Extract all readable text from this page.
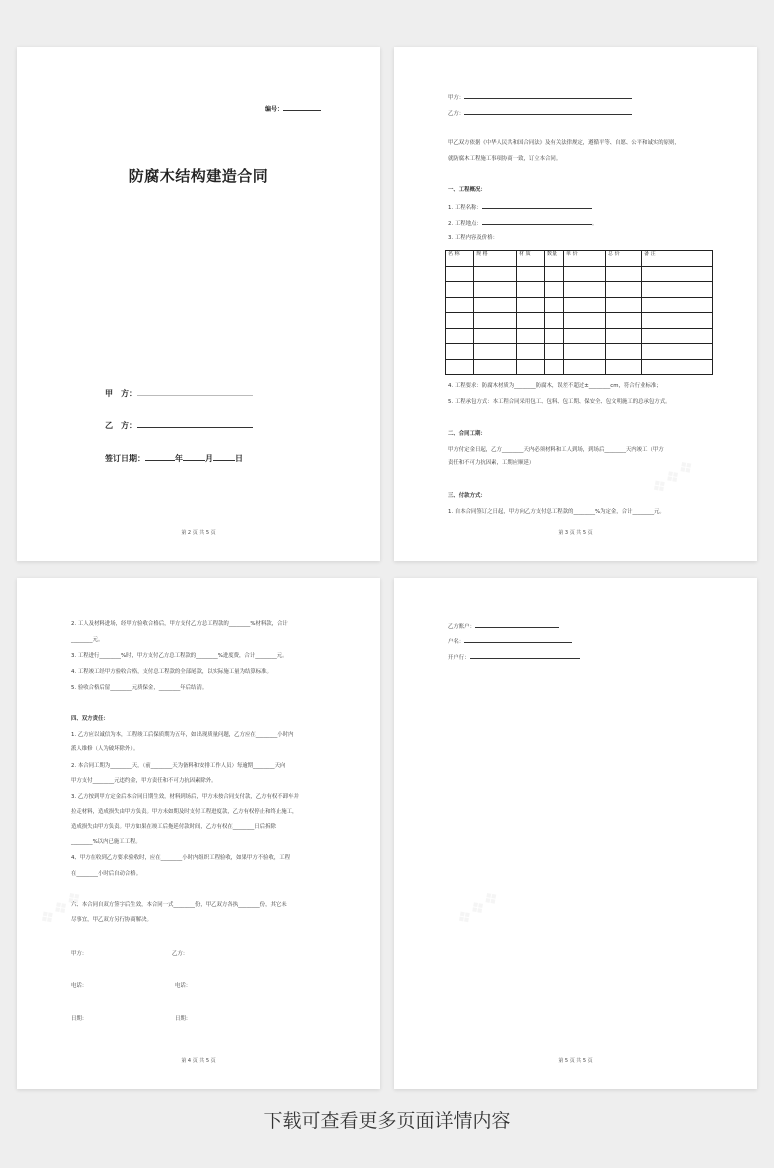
编号：
防腐木结构建造合同
甲　方：
乙　方：
签订日期：	年	月	日
第 2 页 共 5 页
甲方：
乙方：
甲乙双方依据《中华人民共和国合同法》及有关法律规定，遵循平等、自愿、公平和诚实的原则，
就防腐木工程施工事项协商一致，订立本合同。
一、工程概况：
1. 工程名称：
2. 工程地点：	。
3. 工程内容及价格：
名 称	规 格	材 质	数量	单 价	总 价	备 注

4. 工程要求：防腐木材质为________防腐木，误差不超过±________cm，符合行业标准；
5. 工程承包方式：本工程合同采用包工、包料、包工期、保安全、包文明施工的总承包方式。
二、合同工期：
甲方付定金日起，乙方________天内必须材料和工人到场，到场后________天内竣工（甲方
责任和不可力抗因素，工期应顺延）
三、付款方式：
1. 自本合同签订之日起，甲方向乙方支付总工程款的________%为定金，合计________元。
第 3 页 共 5 页
2. 工人及材料进场，经甲方验收合格后，甲方支付乙方总工程款的________%材料款，合计
________元。
3. 工程进行________%时，甲方支付乙方总工程款的________%进度费，合计________元。
4. 工程竣工经甲方验收合格，支付总工程款的全部尾款，以实际施工量为结算标准。
5. 验收合格后留________元质保金，________年后结清。
四、双方责任：
1. 乙方应以诚信为本，工程竣工后保质期为五年，如出现质量问题，乙方应在________小时内
派人维修（人为破坏除外）。
2. 本合同工期为________天，（前________天为备料和安排工作人员）每逾期________天向
甲方支付________元违约金，甲方责任和不可力抗因素除外。
3. 乙方按到甲方定金后本合同日期生效，材料到场后，甲方未按合同支付款，乙方有权不卸车并
拉走材料，造成损失由甲方负责。甲方未如期及时支付工程进度款，乙方有权停止和终止施工，
造成损失由甲方负责。甲方如果在竣工后拖延付款时间，乙方有权在________日后拆除
________%以内已施工工程。
4、甲方在收到乙方要求验收时，应在________小时内组织工程验收，如果甲方不验收，工程
在________小时后自动合格。
六、本合同自双方签字后生效，本合同一式________份，甲乙双方各执________份，其它未
尽事宜，甲乙双方另行协商解决。
甲方：	乙方：
电话：	电话：
日期：	日期：
第 4 页 共 5 页
乙方账户：
户名：
开户行：
第 5 页 共 5 页
下载可查看更多页面详情内容
